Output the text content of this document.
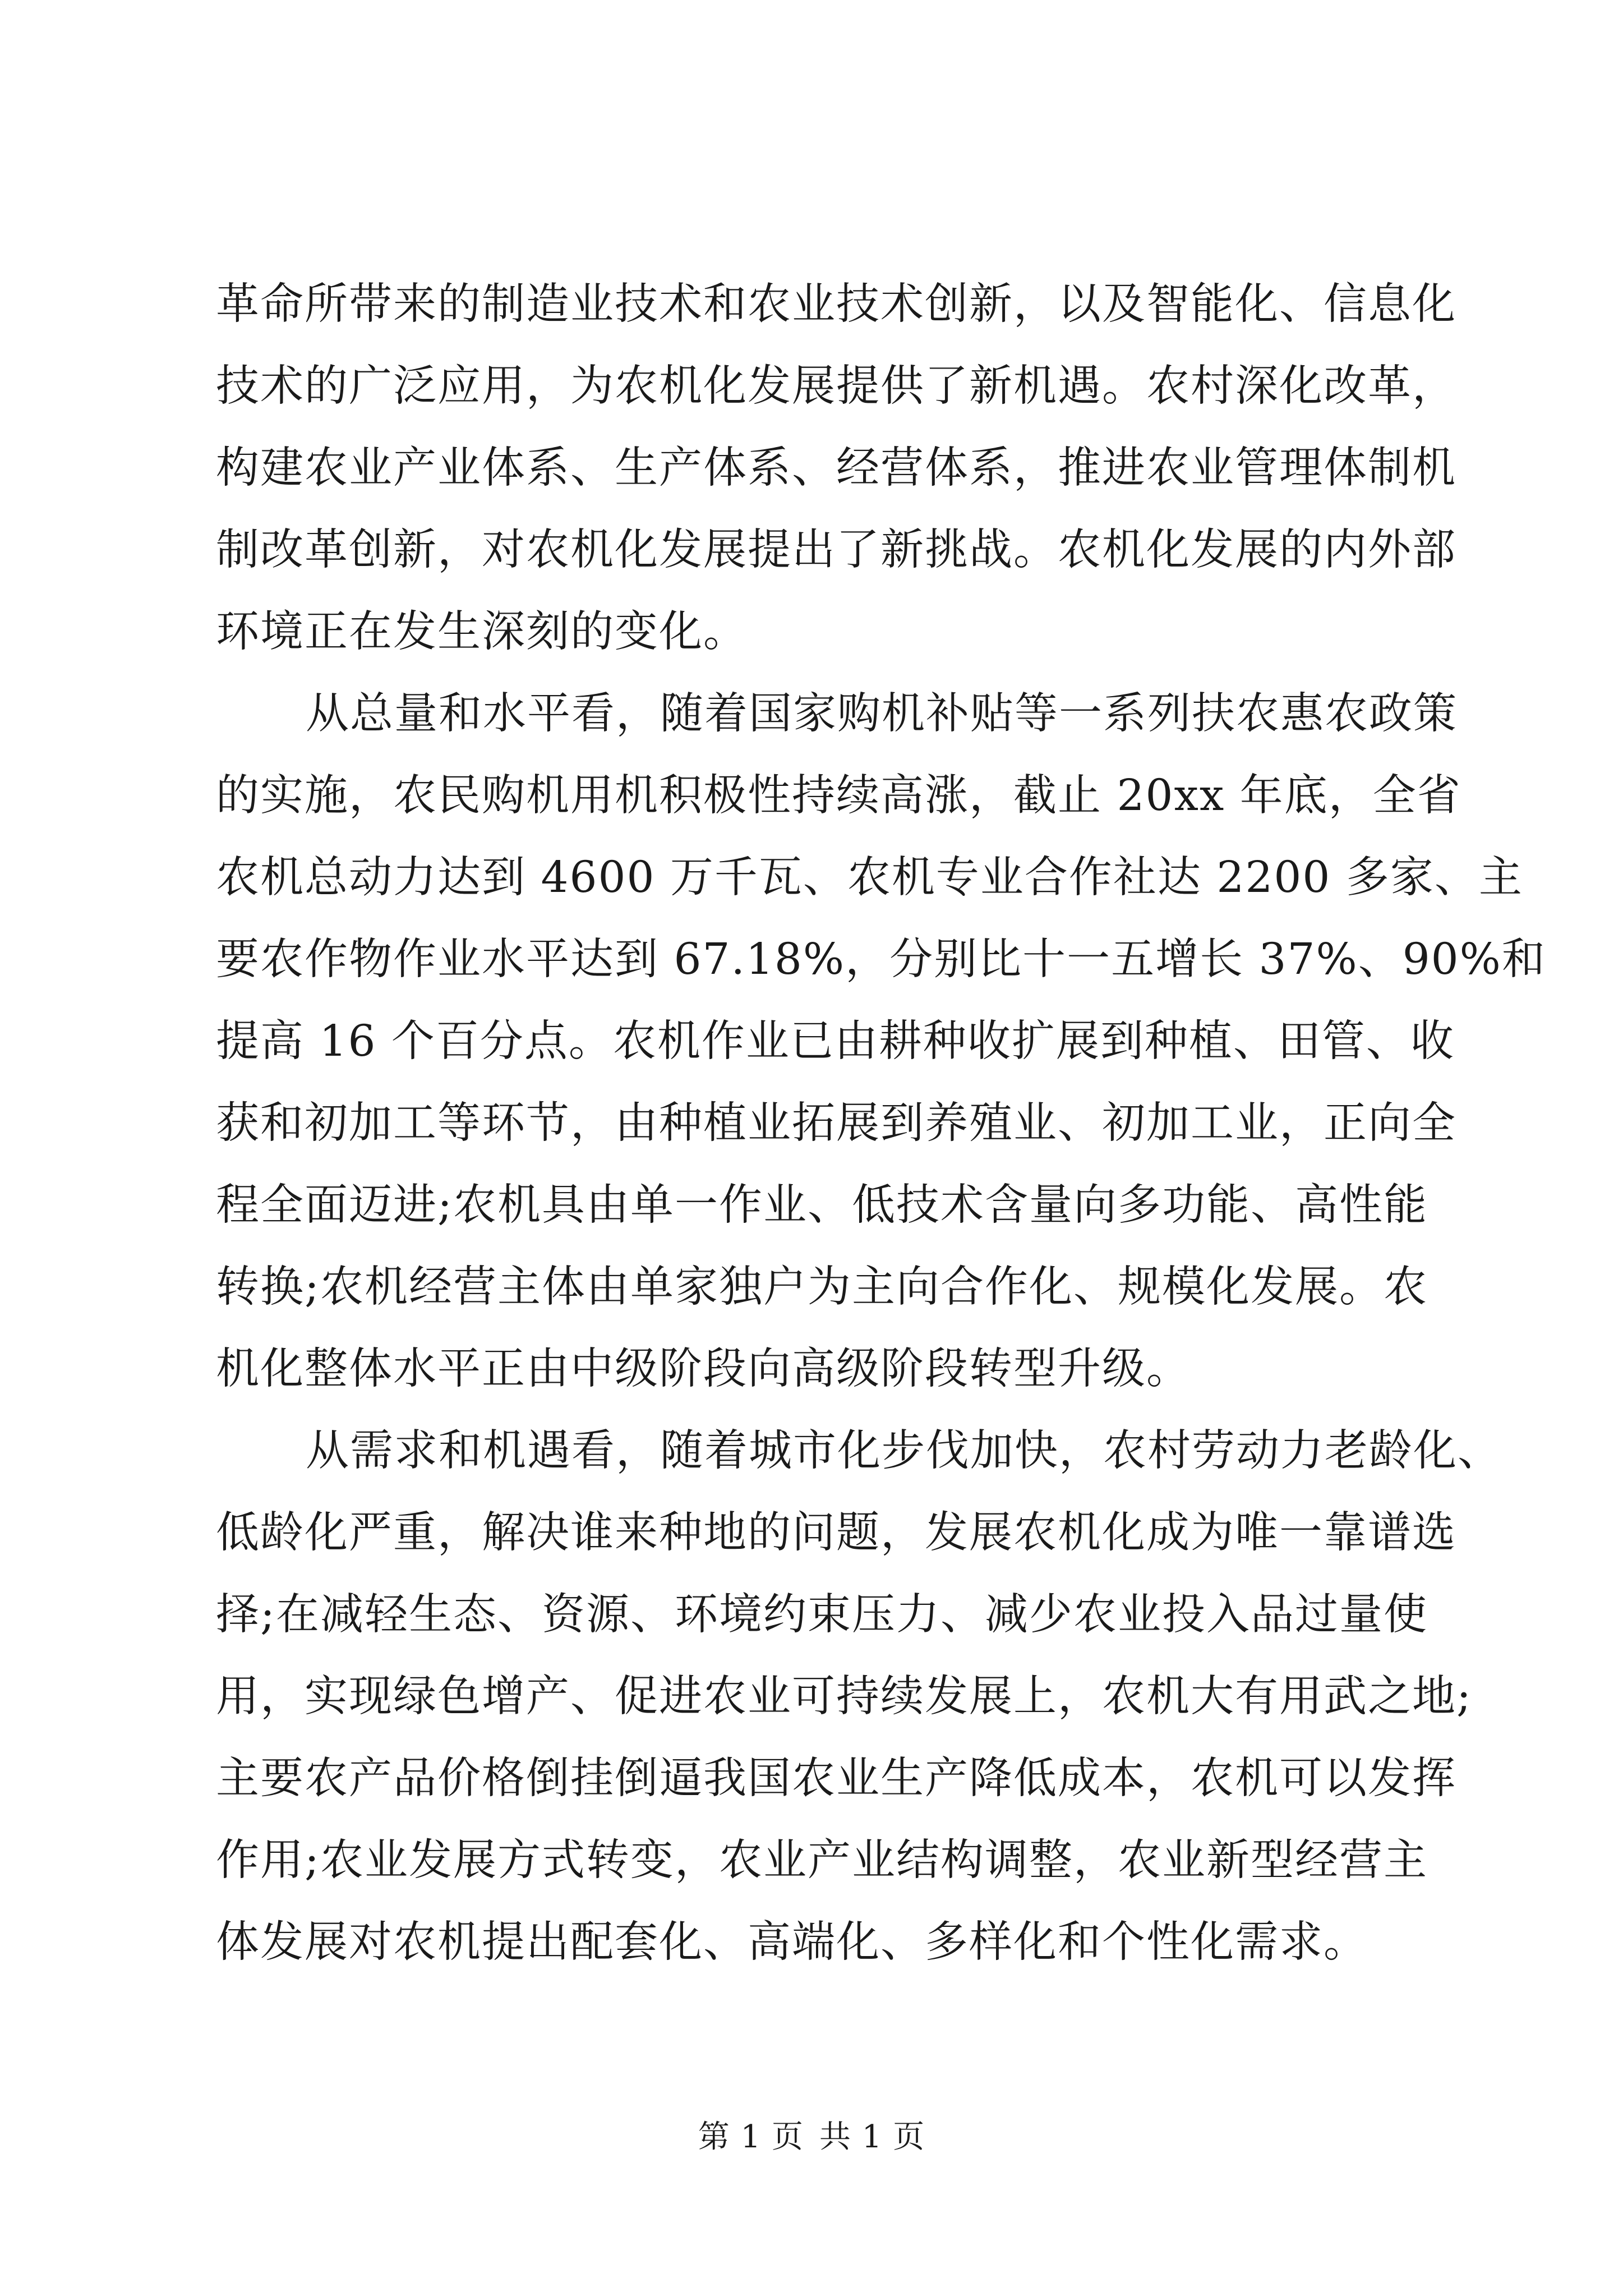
革命所带来的制造业技术和农业技术创新，以及智能化、信息化
技术的广泛应用，为农机化发展提供了新机遇。农村深化改革，
构建农业产业体系、生产体系、经营体系，推进农业管理体制机
制改革创新，对农机化发展提出了新挑战。农机化发展的内外部
环境正在发生深刻的变化。

从总量和水平看，随着国家购机补贴等一系列扶农惠农政策
的实施，农民购机用机积极性持续高涨，截止 20xx 年底，全省
农机总动力达到 4600 万千瓦、农机专业合作社达 2200 多家、主
要农作物作业水平达到 67.18%，分别比十一五增长 37%、90%和
提高 16 个百分点。农机作业已由耕种收扩展到种植、田管、收
获和初加工等环节，由种植业拓展到养殖业、初加工业，正向全
程全面迈进;农机具由单一作业、低技术含量向多功能、高性能
转换;农机经营主体由单家独户为主向合作化、规模化发展。农
机化整体水平正由中级阶段向高级阶段转型升级。

从需求和机遇看，随着城市化步伐加快，农村劳动力老龄化、
低龄化严重，解决谁来种地的问题，发展农机化成为唯一靠谱选
择;在减轻生态、资源、环境约束压力、减少农业投入品过量使
用，实现绿色增产、促进农业可持续发展上，农机大有用武之地;
主要农产品价格倒挂倒逼我国农业生产降低成本，农机可以发挥
作用;农业发展方式转变，农业产业结构调整，农业新型经营主
体发展对农机提出配套化、高端化、多样化和个性化需求。

第 1 页 共 1 页
